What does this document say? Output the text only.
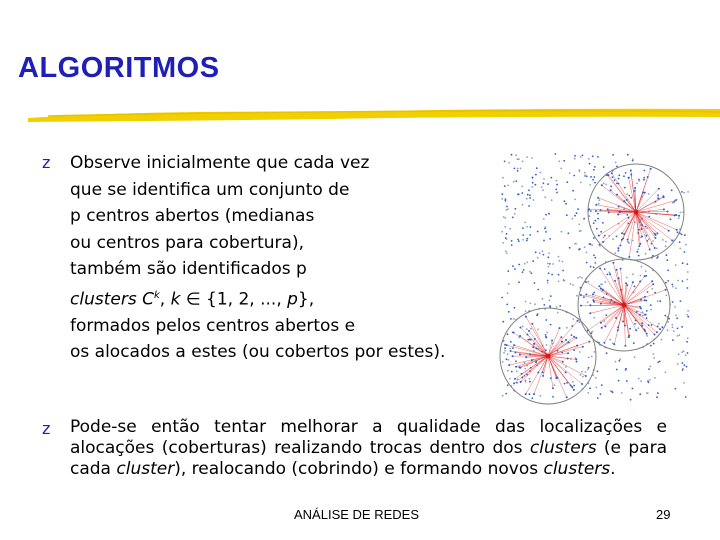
ALGORITMOS
z Observe inicialmente que cada vez
que se identifica um conjunto de
p centros abertos (medianas
ou centros para cobertura),
também são identificados p
clusters $C^k$, k ∈ {1, 2, ..., p},
formados pelos centros abertos e
os alocados a estes (ou cobertos por estes).
z Pode-se então tentar melhorar a qualidade das localizações e alocações (coberturas) realizando trocas dentro dos clusters (e para cada cluster), realocando (cobrindo) e formando novos clusters.
ANÁLISE DE REDES	29
